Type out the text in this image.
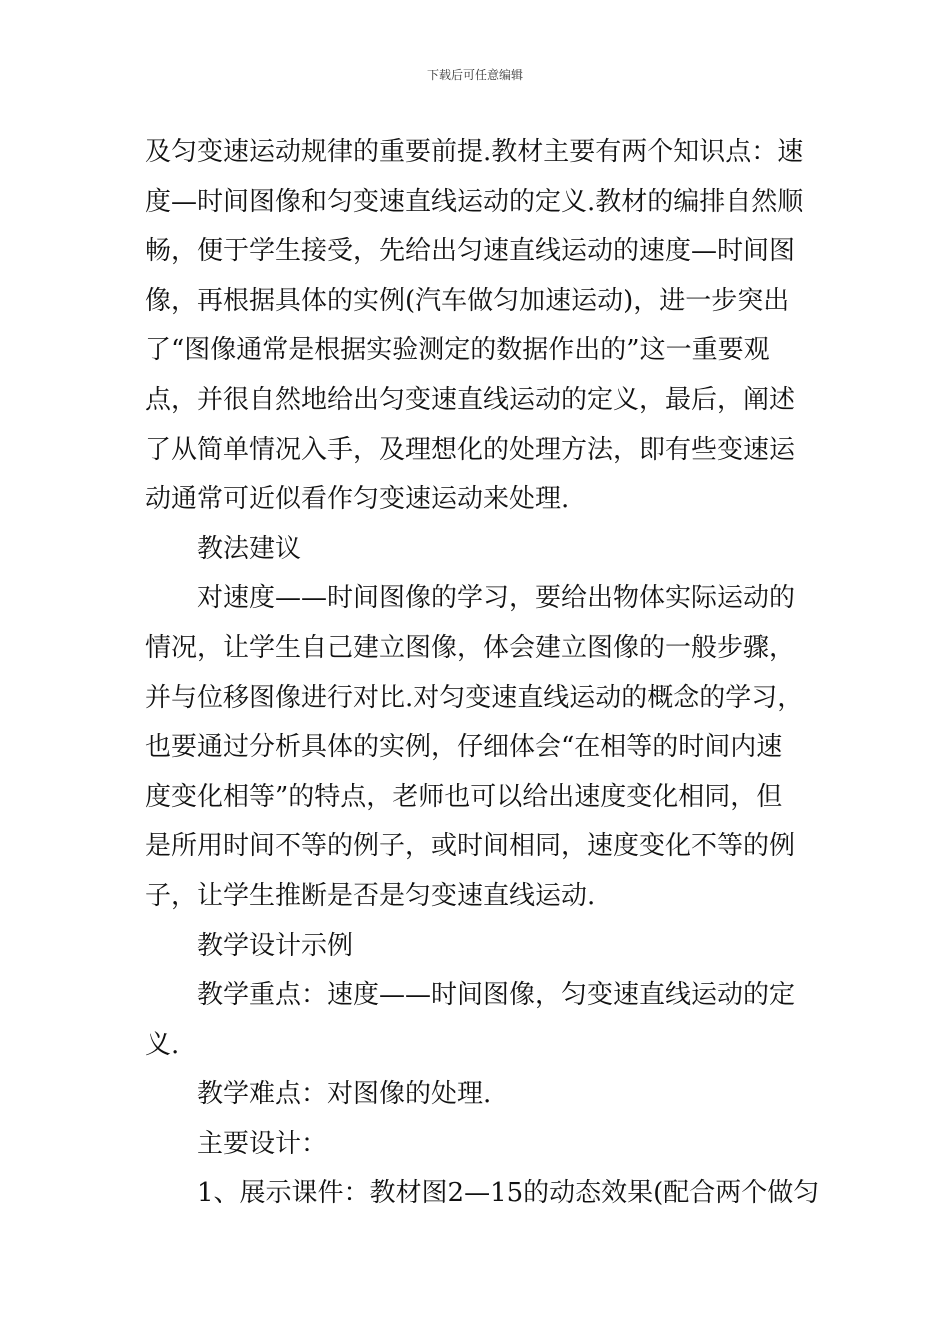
下载后可任意编辑
及匀变速运动规律的重要前提.教材主要有两个知识点：速
度—时间图像和匀变速直线运动的定义.教材的编排自然顺
畅，便于学生接受，先给出匀速直线运动的速度—时间图
像，再根据具体的实例(汽车做匀加速运动)，进一步突出
了“图像通常是根据实验测定的数据作出的”这一重要观
点，并很自然地给出匀变速直线运动的定义，最后，阐述
了从简单情况入手，及理想化的处理方法，即有些变速运
动通常可近似看作匀变速运动来处理.
教法建议
对速度——时间图像的学习，要给出物体实际运动的
情况，让学生自己建立图像，体会建立图像的一般步骤，
并与位移图像进行对比.对匀变速直线运动的概念的学习，
也要通过分析具体的实例，仔细体会“在相等的时间内速
度变化相等”的特点，老师也可以给出速度变化相同，但
是所用时间不等的例子，或时间相同，速度变化不等的例
子，让学生推断是否是匀变速直线运动.
教学设计示例
教学重点：速度——时间图像，匀变速直线运动的定
义.
教学难点：对图像的处理.
主要设计：
1、展示课件：教材图2—15的动态效果(配合两个做匀
